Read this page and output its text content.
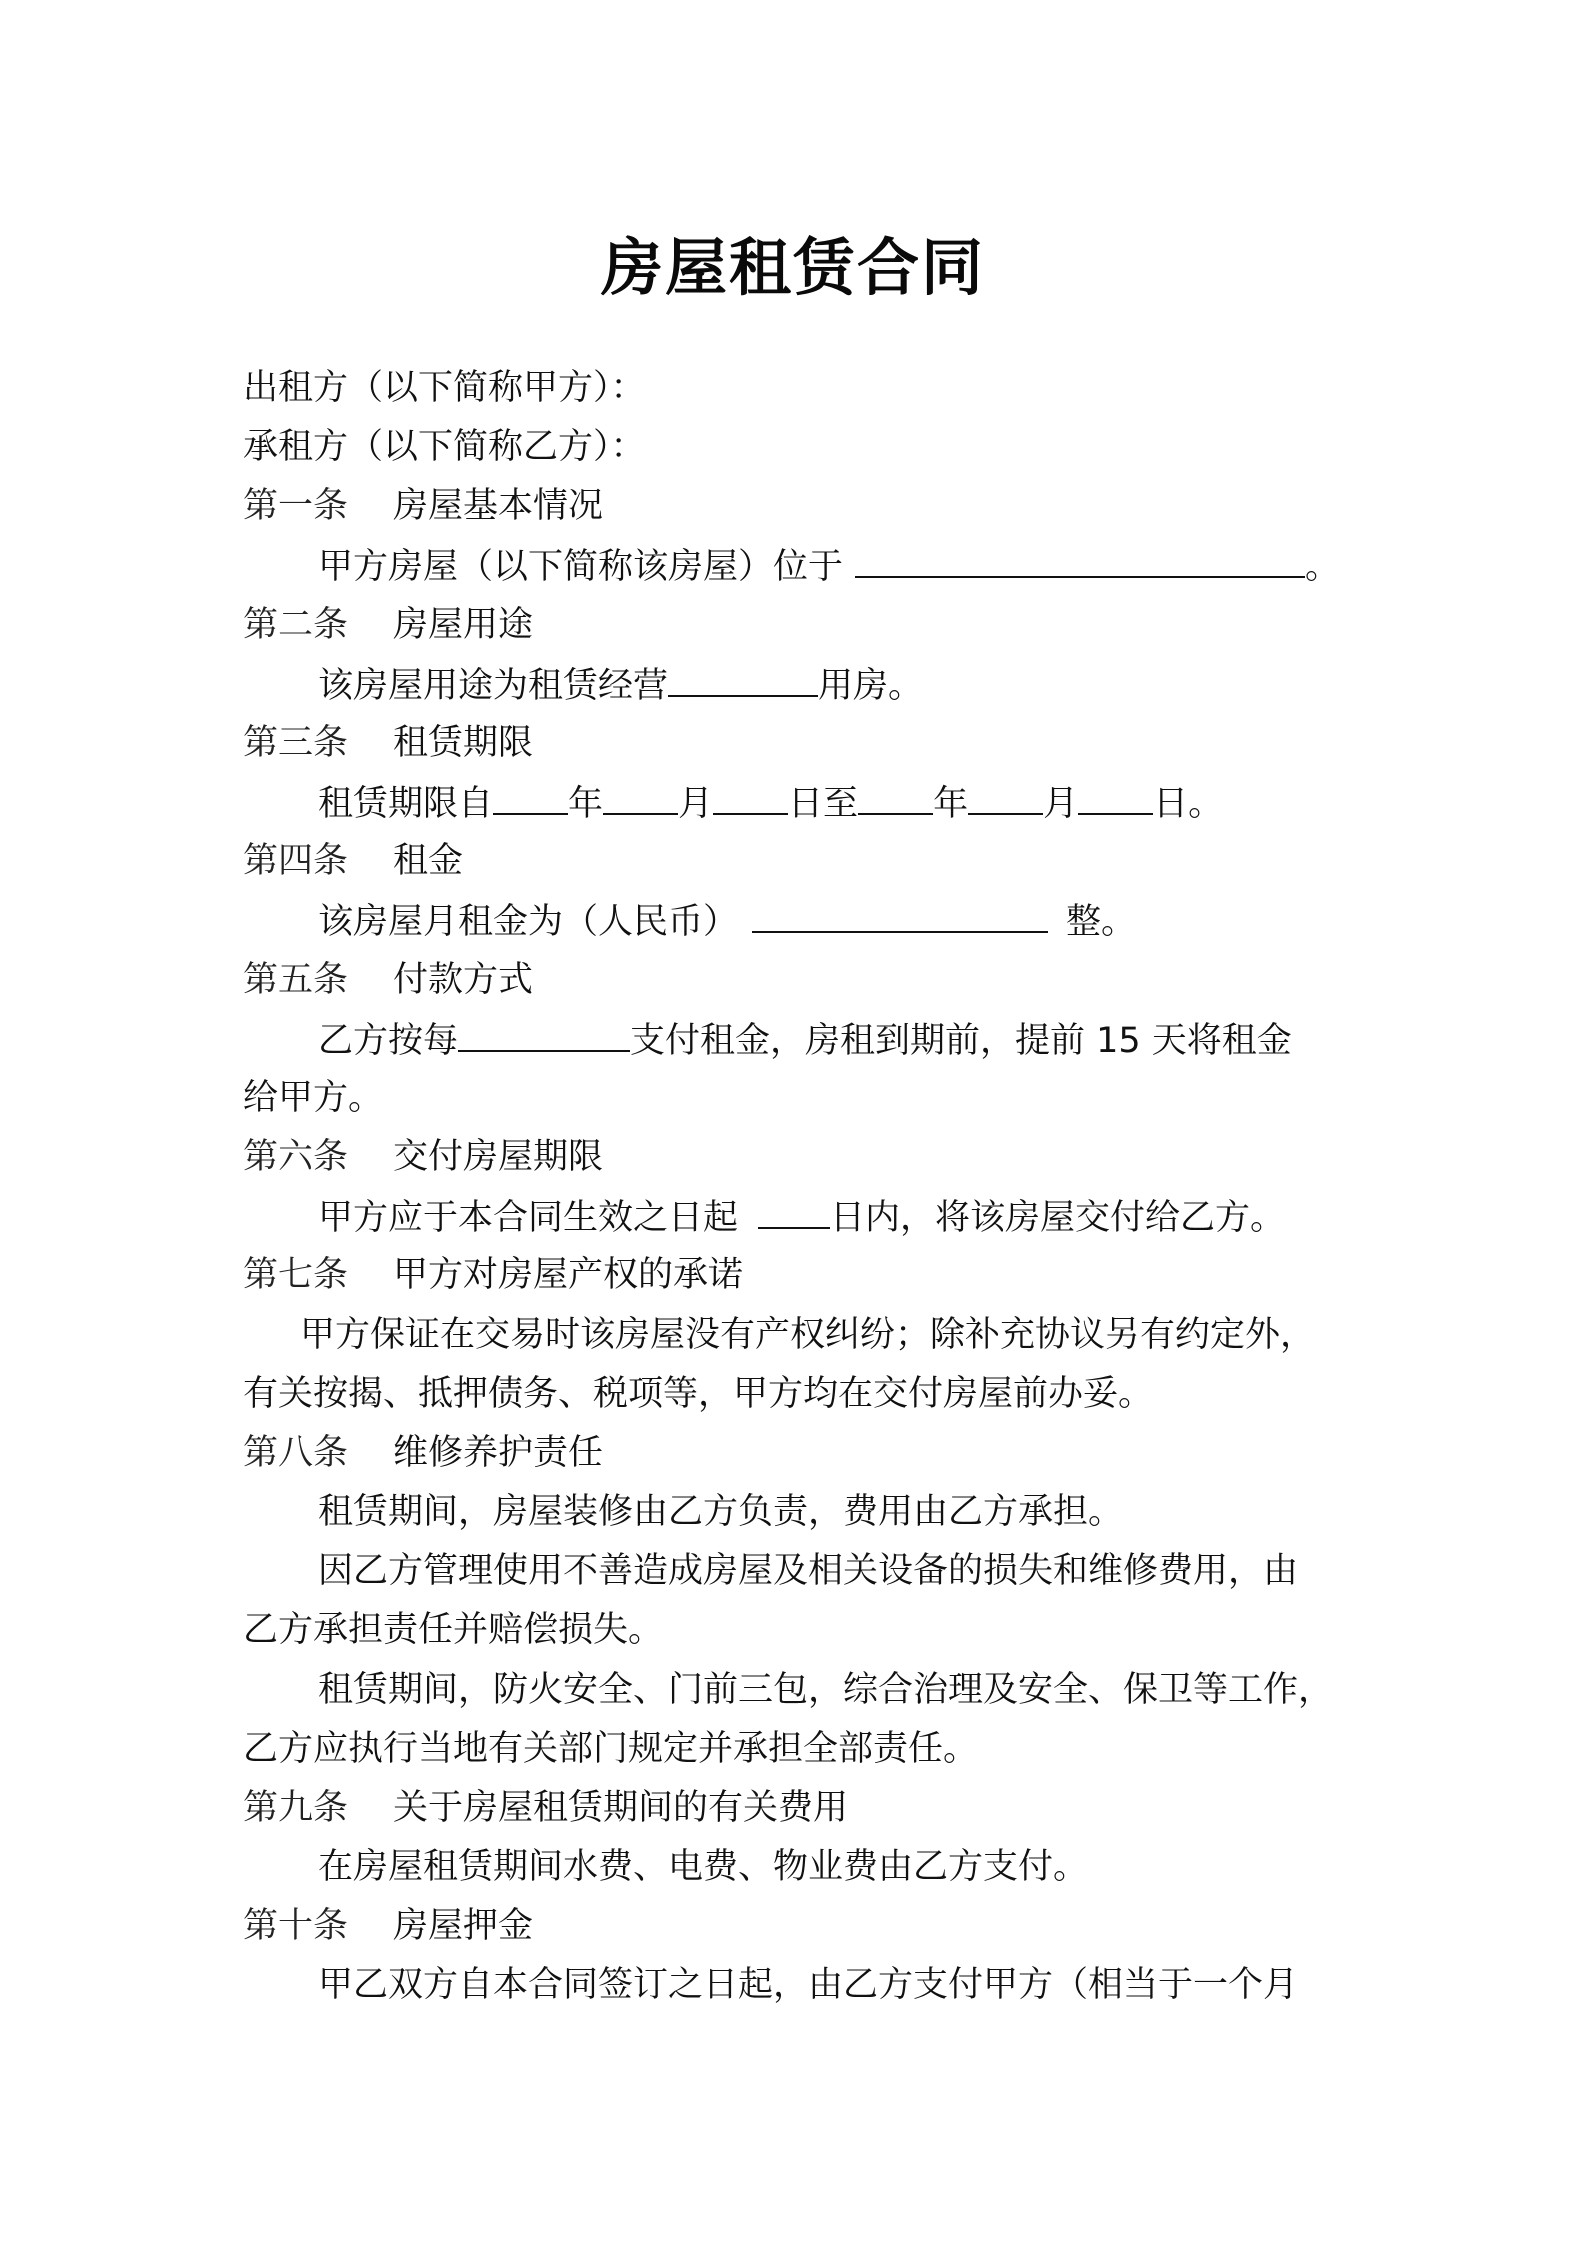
房屋租赁合同
出租方（以下简称甲方）：
承租方（以下简称乙方）：
第一条 房屋基本情况
甲方房屋（以下简称该房屋）位于	。
第二条 房屋用途
该房屋用途为租赁经营	用房。
第三条 租赁期限
租赁期限自 年 月 日至 年 月 日。
第四条 租金
该房屋月租金为（人民币）	整。
第五条 付款方式
乙方按每	支付租金，房租到期前，提前 15 天将租金
给甲方。
第六条 交付房屋期限
甲方应于本合同生效之日起	日内，将该房屋交付给乙方。
第七条 甲方对房屋产权的承诺
甲方保证在交易时该房屋没有产权纠纷；除补充协议另有约定外，
有关按揭、抵押债务、税项等，甲方均在交付房屋前办妥。
第八条 维修养护责任
租赁期间，房屋装修由乙方负责，费用由乙方承担。
因乙方管理使用不善造成房屋及相关设备的损失和维修费用，由
乙方承担责任并赔偿损失。
租赁期间，防火安全、门前三包，综合治理及安全、保卫等工作，
乙方应执行当地有关部门规定并承担全部责任。
第九条 关于房屋租赁期间的有关费用
在房屋租赁期间水费、电费、物业费由乙方支付。
第十条 房屋押金
甲乙双方自本合同签订之日起，由乙方支付甲方（相当于一个月
